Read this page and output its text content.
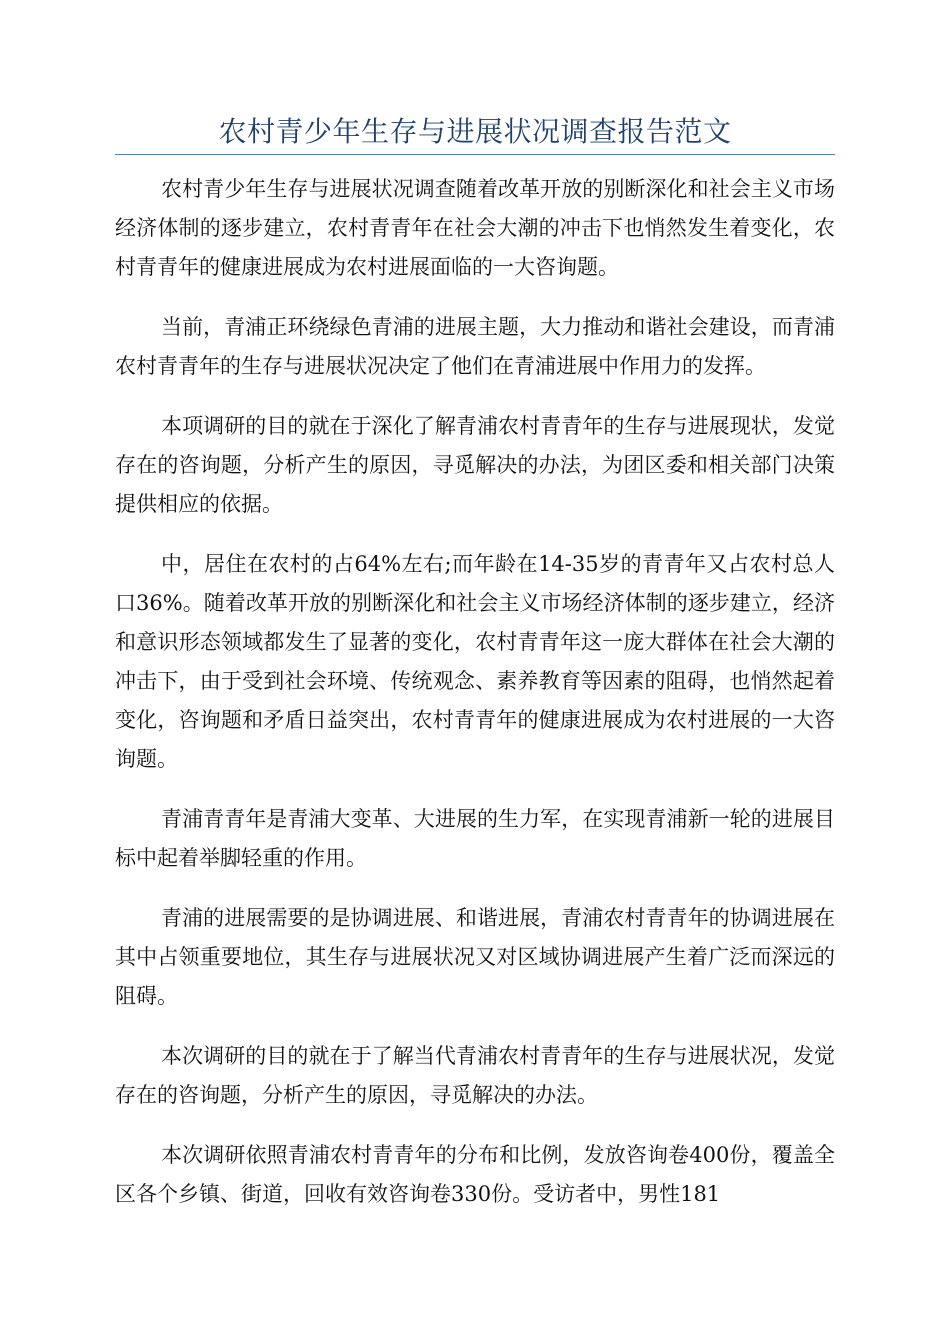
农村青少年生存与进展状况调查报告范文

农村青少年生存与进展状况调查随着改革开放的别断深化和社会主义市场经济体制的逐步建立，农村青青年在社会大潮的冲击下也悄然发生着变化，农村青青年的健康进展成为农村进展面临的一大咨询题。

当前，青浦正环绕绿色青浦的进展主题，大力推动和谐社会建设，而青浦农村青青年的生存与进展状况决定了他们在青浦进展中作用力的发挥。

本项调研的目的就在于深化了解青浦农村青青年的生存与进展现状，发觉存在的咨询题，分析产生的原因，寻觅解决的办法，为团区委和相关部门决策提供相应的依据。

中，居住在农村的占64%左右;而年龄在14-35岁的青青年又占农村总人口36%。随着改革开放的别断深化和社会主义市场经济体制的逐步建立，经济和意识形态领域都发生了显著的变化，农村青青年这一庞大群体在社会大潮的冲击下，由于受到社会环境、传统观念、素养教育等因素的阻碍，也悄然起着变化，咨询题和矛盾日益突出，农村青青年的健康进展成为农村进展的一大咨询题。

青浦青青年是青浦大变革、大进展的生力军，在实现青浦新一轮的进展目标中起着举脚轻重的作用。

青浦的进展需要的是协调进展、和谐进展，青浦农村青青年的协调进展在其中占领重要地位，其生存与进展状况又对区域协调进展产生着广泛而深远的阻碍。

本次调研的目的就在于了解当代青浦农村青青年的生存与进展状况，发觉存在的咨询题，分析产生的原因，寻觅解决的办法。

本次调研依照青浦农村青青年的分布和比例，发放咨询卷400份，覆盖全区各个乡镇、街道，回收有效咨询卷330份。受访者中，男性181
